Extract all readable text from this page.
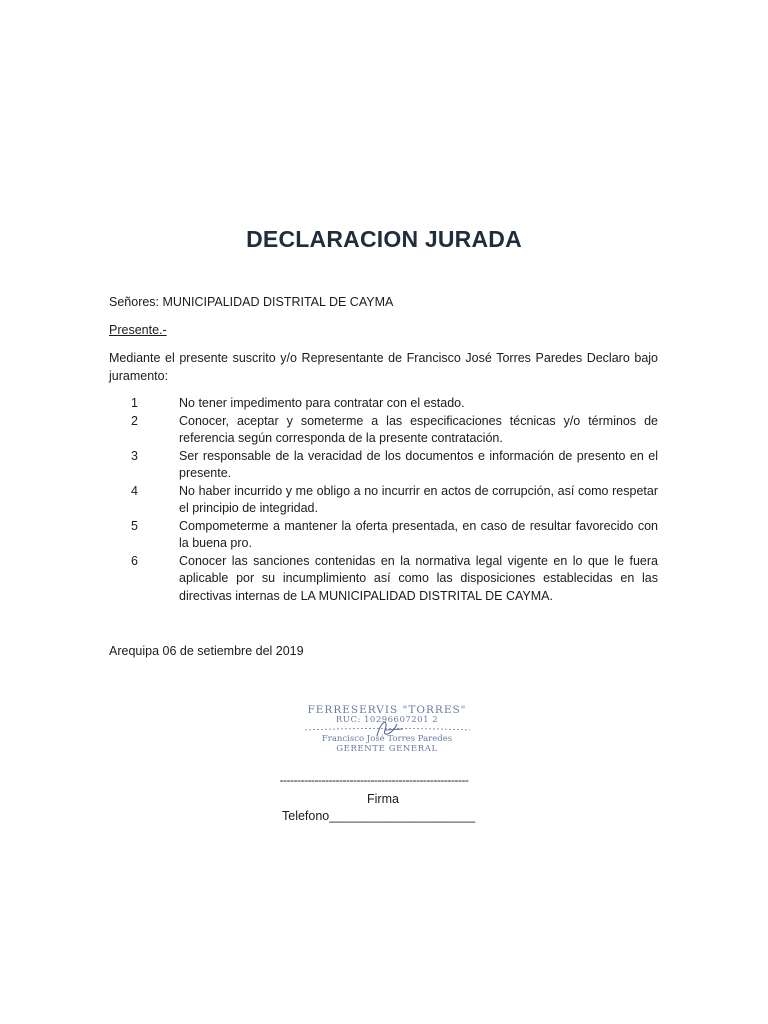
DECLARACION JURADA
Señores: MUNICIPALIDAD DISTRITAL DE CAYMA
Presente.-
Mediante el presente suscrito y/o Representante de Francisco José Torres Paredes Declaro bajo juramento:
1	No tener impedimento para contratar con el estado.
2	Conocer, aceptar y someterme a las especificaciones técnicas y/o términos de referencia según corresponda de la presente contratación.
3	Ser responsable de la veracidad de los documentos e información de presento en el presente.
4	No haber incurrido y me obligo a no incurrir en actos de corrupción, así como respetar el principio de integridad.
5	Compometerme a mantener la oferta presentada, en caso de resultar favorecido con la buena pro.
6	Conocer las sanciones contenidas en la normativa legal vigente en lo que le fuera aplicable por su incumplimiento así como las disposiciones establecidas en las directivas internas de LA MUNICIPALIDAD DISTRITAL DE CAYMA.
Arequipa 06 de setiembre del 2019
FERRESERVIS "TORRES"
RUC: 10296607201 2
Francisco José Torres Paredes
GERENTE GENERAL
------------------------------------------------------
Firma
Telefono_____________________
